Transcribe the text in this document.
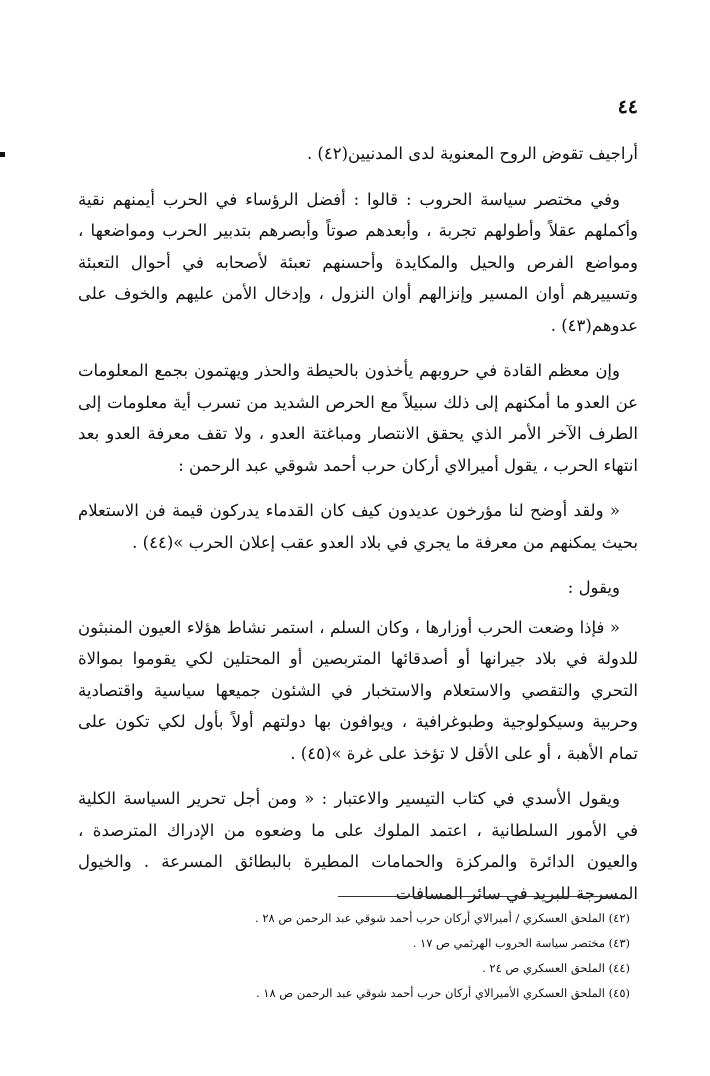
٤٤

أراجيف تقوض الروح المعنوية لدى المدنيين(٤٢) .

وفي مختصر سياسة الحروب : قالوا : أفضل الرؤساء في الحرب أيمنهم نقية وأكملهم عقلاً وأطولهم تجربة ، وأبعدهم صوتاً وأبصرهم بتدبير الحرب ومواضعها ، ومواضع الفرص والحيل والمكايدة وأحسنهم تعبئة لأصحابه في أحوال التعبئة وتسييرهم أوان المسير وإنزالهم أوان النزول ، وإدخال الأمن عليهم والخوف على عدوهم(٤٣) .

وإن معظم القادة في حروبهم يأخذون بالحيطة والحذر ويهتمون بجمع المعلومات عن العدو ما أمكنهم إلى ذلك سبيلاً مع الحرص الشديد من تسرب أية معلومات إلى الطرف الآخر الأمر الذي يحقق الانتصار ومباغتة العدو ، ولا تقف معرفة العدو بعد انتهاء الحرب ، يقول أميرالاي أركان حرب أحمد شوقي عبد الرحمن :

« ولقد أوضح لنا مؤرخون عديدون كيف كان القدماء يدركون قيمة فن الاستعلام بحيث يمكنهم من معرفة ما يجري في بلاد العدو عقب إعلان الحرب »(٤٤) .

ويقول :

« فإذا وضعت الحرب أوزارها ، وكان السلم ، استمر نشاط هؤلاء العيون المنبثون للدولة في بلاد جيرانها أو أصدقائها المتربصين أو المحتلين لكي يقوموا بموالاة التحري والتقصي والاستعلام والاستخبار في الشئون جميعها سياسية واقتصادية وحربية وسيكولوجية وطبوغرافية ، ويوافون بها دولتهم أولاً بأول لكي تكون على تمام الأهبة ، أو على الأقل لا تؤخذ على غرة »(٤٥) .

ويقول الأسدي في كتاب التيسير والاعتبار : « ومن أجل تحرير السياسة الكلية في الأمور السلطانية ، اعتمد الملوك على ما وضعوه من الإدراك المترصدة ، والعيون الدائرة والمركزة والحمامات المطيرة بالبطائق المسرعة . والخيول المسرجة للبريد في سائر المسافات

(٤٢) الملحق العسكري / أميرالاي أركان حرب أحمد شوقي عبد الرحمن ص ٢٨ .

(٤٣) مختصر سياسة الحروب الهرثمي ص ١٧ .

(٤٤) الملحق العسكري ص ٢٤ .

(٤٥) الملحق العسكري الأميرالاي أركان حرب أحمد شوقي عبد الرحمن ص ١٨ .
